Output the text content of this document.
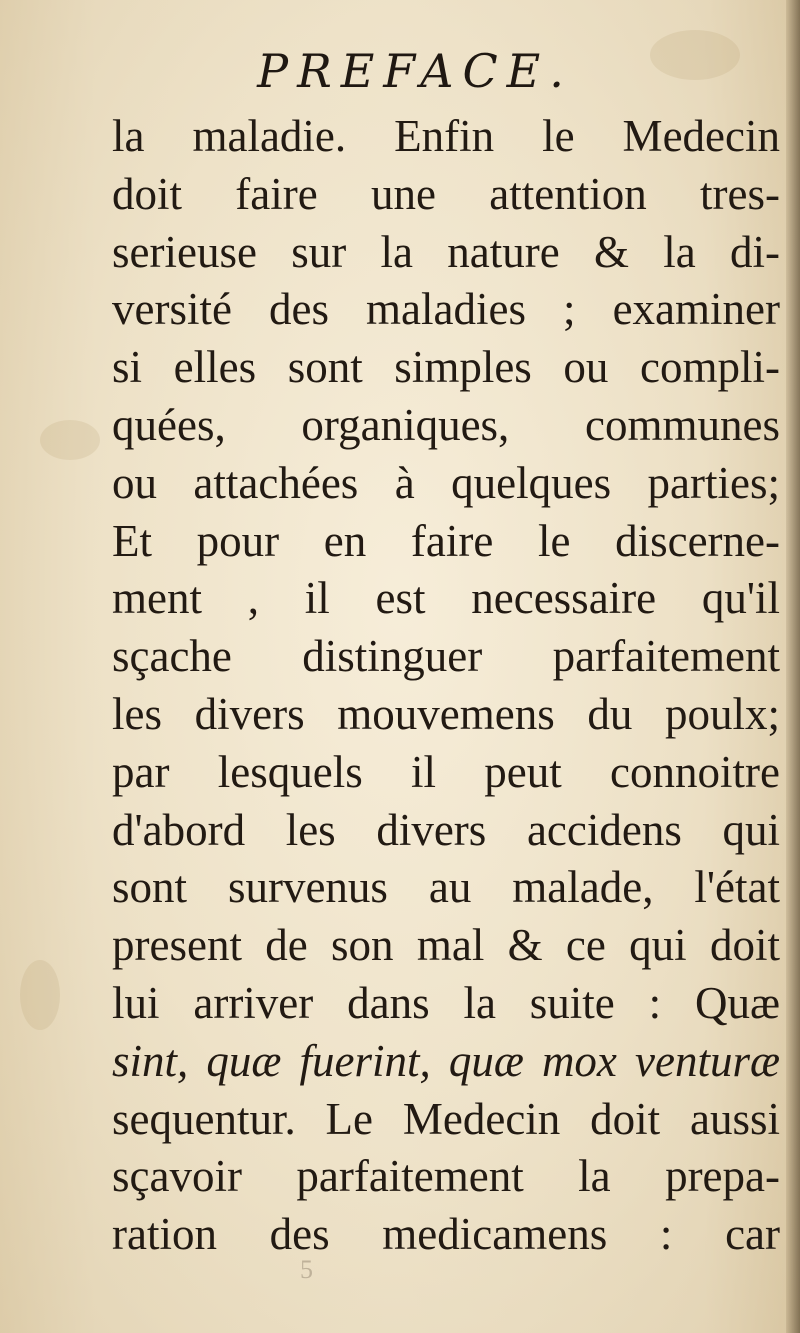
PREFACE.
la maladie. Enfin le Medecin
doit faire une attention tres-
serieuse sur la nature & la di-
versité des maladies ; examiner
si elles sont simples ou compli-
quées, organiques, communes
ou attachées à quelques parties;
Et pour en faire le discerne-
ment , il est necessaire qu'il
sçache distinguer parfaitement
les divers mouvemens du poulx;
par lesquels il peut connoitre
d'abord les divers accidens qui
sont survenus au malade, l'état
present de son mal & ce qui doit
lui arriver dans la suite : Quæ
sint, quæ fuerint, quæ mox venturæ
sequentur. Le Medecin doit aussi
sçavoir parfaitement la prepa-
ration des medicamens : car
5
